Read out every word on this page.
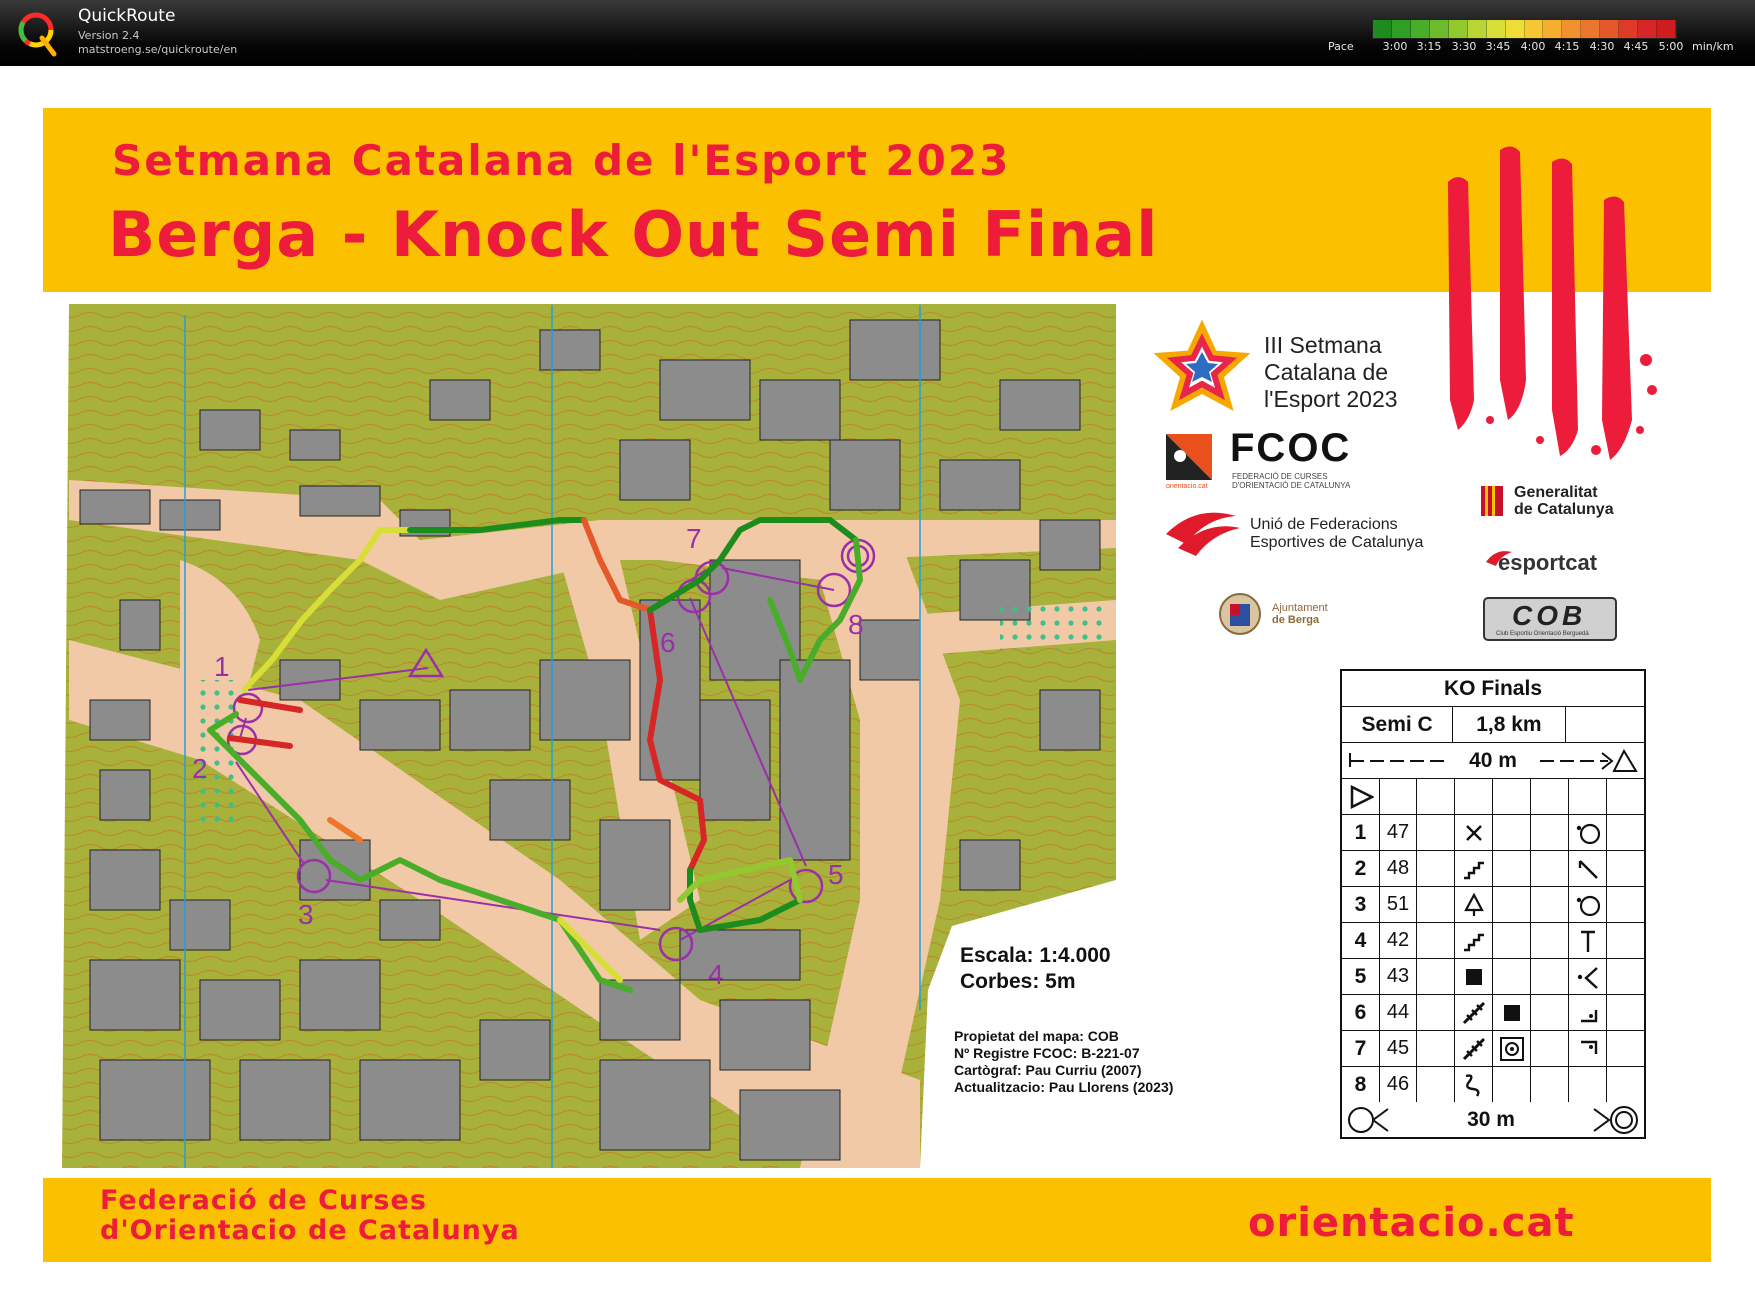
QuickRoute
Version 2.4
matstroeng.se/quickroute/en	Pace	3:00 3:15 3:30 3:45 4:00 4:15 4:30 4:45 5:00 min/km
Setmana Catalana de l'Esport 2023
Berga - Knock Out Semi Final
1
2
3
4
5
6
7
8
III Setmana
Catalana de
l'Esport 2023
FCOC
FEDERACIÓ DE CURSES
D'ORIENTACIÓ DE CATALUNYA
orientacio.cat
Unió de Federacions
Esportives de Catalunya
Generalitat
de Catalunya
esportcat
Ajuntament
de Berga	COB
Club Esportiu Orientació Berguedà
Escala: 1:4.000
Corbes: 5m
Propietat del mapa: COB
Nº Registre FCOC: B-221-07
Cartògraf: Pau Curriu (2007)
Actualitzacio: Pau Llorens (2023)
Federació de Curses
d'Orientacio de Catalunya	orientacio.cat
KO Finals
Semi C	1,8 km
40 m
1	47
2	48
3	51
4	42
5	43
6	44
7	45
8	46
30 m
